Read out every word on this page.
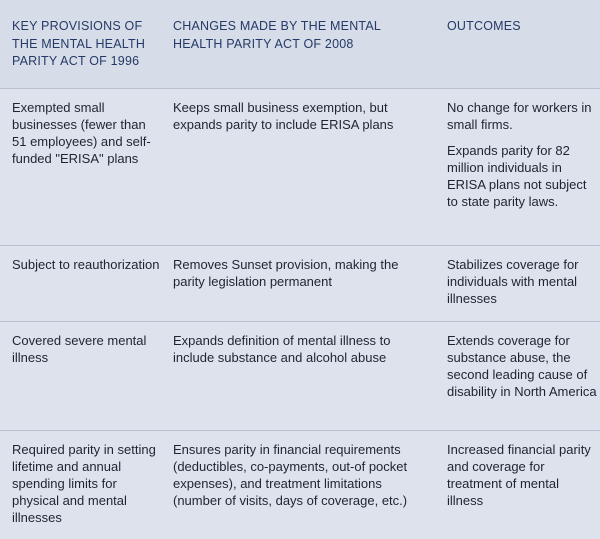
KEY PROVISIONS OF THE MENTAL HEALTH PARITY ACT OF 1996
CHANGES MADE BY THE MENTAL HEALTH PARITY ACT OF 2008
OUTCOMES
Exempted small businesses (fewer than 51 employees) and self-funded "ERISA" plans
Keeps small business exemption, but expands parity to include ERISA plans

No change for workers in small firms.

Expands parity for 82 million individuals in ERISA plans not subject to state parity laws.

Subject to reauthorization Removes Sunset provision, making the parity legislation permanent
Stabilizes coverage for individuals with mental illnesses
Covered severe mental illness
Expands definition of mental illness to include substance and alcohol abuse
Extends coverage for substance abuse, the second leading cause of disability in North America
Required parity in setting lifetime and annual spending limits for physical and mental illnesses
Ensures parity in financial requirements (deductibles, co-payments, out-of pocket expenses), and treatment limitations (number of visits, days of coverage, etc.)
Increased financial parity and coverage for treatment of mental illness
